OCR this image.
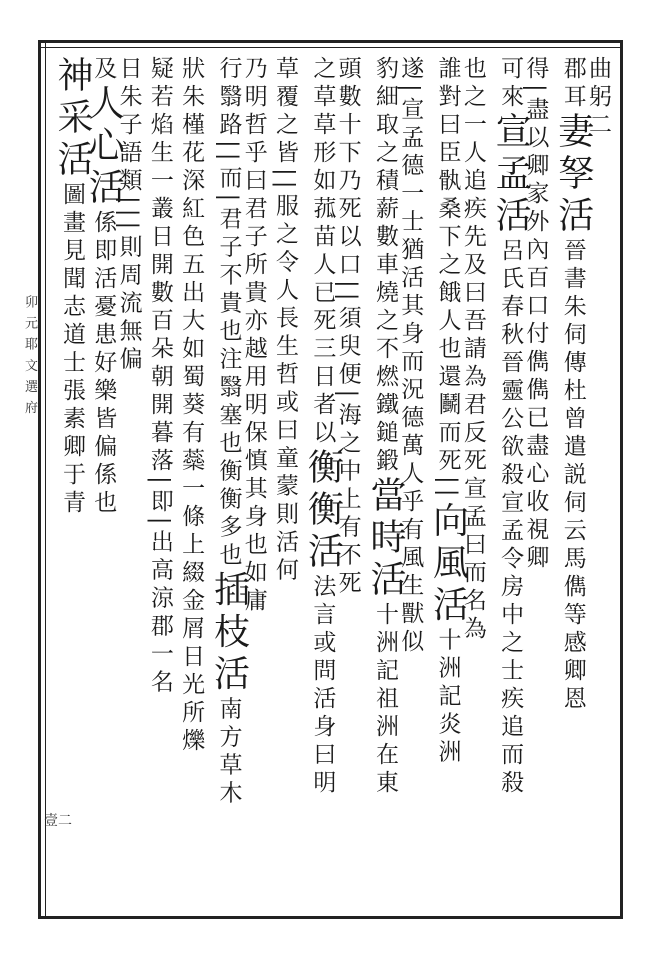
卯 元 耶 文 選 府
壹二
曲躬二
郡耳妻孥活晉書朱伺傳杜曾遣説伺云馬儁等感卿恩
得|盡以卿家外內百口付儁儁已盡心收視卿
可來宣孟活呂氏春秋晉靈公欲殺宣孟令房中之士疾追而殺
也之一人追疾先及曰吾請為君反死宣孟曰而名為
誰對曰臣骫桑下之餓人也還鬭而死||向風活十洲記炎洲
遂|宣孟德一士猶活其身而況德萬人乎有風生獸似
豹細取之積薪數車燒之不燃鐵鎚鍛當時活十洲記祖洲在東
頭數十下乃死以口||須臾便|海之中上有不死
之草草形如菰苗人已死三日者以衡衡活法言或問活身曰明
草覆之皆||服之令人長生哲或曰童蒙則活何
乃明哲乎曰君子所貴亦越用明保慎其身也如庸
行翳路||而|君子不貴也注翳塞也衡衡多也插枝活南方草木
狀朱槿花深紅色五出大如蜀葵有蘂一條上綴金屑日光所爍
疑若焰生一叢日開數百朵朝開暮落|即|出高涼郡一名
日朱子語類|||則周流無偏
及人心活係即活憂患好樂皆偏係也
神采活圖畫見聞志道士張素卿于青
